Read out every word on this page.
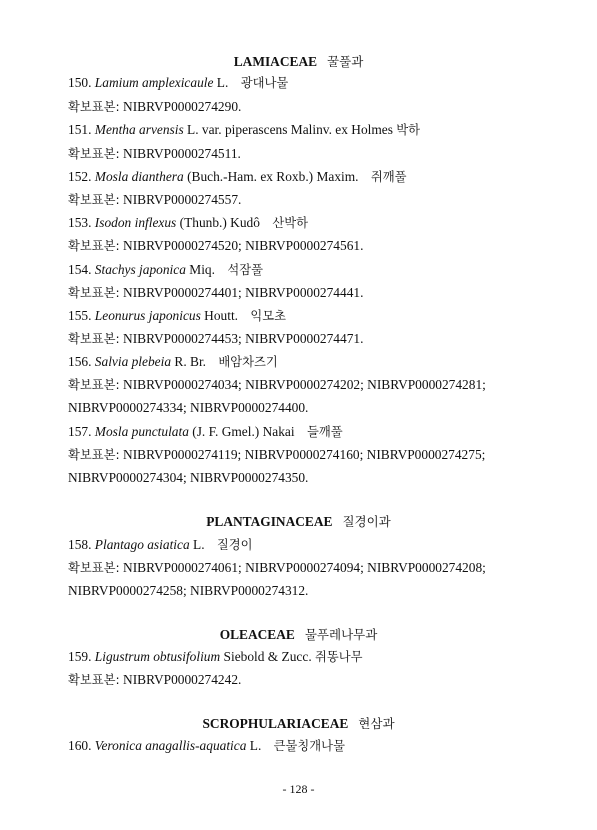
LAMIACEAE 꿀풀과
150. Lamium amplexicaule L. 광대나물
확보표본: NIBRVP0000274290.
151. Mentha arvensis L. var. piperascens Malinv. ex Holmes 박하
확보표본: NIBRVP0000274511.
152. Mosla dianthera (Buch.-Ham. ex Roxb.) Maxim. 쥐깨풀
확보표본: NIBRVP0000274557.
153. Isodon inflexus (Thunb.) Kudô 산박하
확보표본: NIBRVP0000274520; NIBRVP0000274561.
154. Stachys japonica Miq. 석잠풀
확보표본: NIBRVP0000274401; NIBRVP0000274441.
155. Leonurus japonicus Houtt. 익모초
확보표본: NIBRVP0000274453; NIBRVP0000274471.
156. Salvia plebeia R. Br. 배암차즈기
확보표본: NIBRVP0000274034; NIBRVP0000274202; NIBRVP0000274281;
NIBRVP0000274334; NIBRVP0000274400.
157. Mosla punctulata (J. F. Gmel.) Nakai 들깨풀
확보표본: NIBRVP0000274119; NIBRVP0000274160; NIBRVP0000274275;
NIBRVP0000274304; NIBRVP0000274350.
PLANTAGINACEAE 질경이과
158. Plantago asiatica L. 질경이
확보표본: NIBRVP0000274061; NIBRVP0000274094; NIBRVP0000274208;
NIBRVP0000274258; NIBRVP0000274312.
OLEACEAE 물푸레나무과
159. Ligustrum obtusifolium Siebold & Zucc. 쥐똥나무
확보표본: NIBRVP0000274242.
SCROPHULARIACEAE 현삼과
160. Veronica anagallis-aquatica L. 큰물칭개나물
- 128 -
